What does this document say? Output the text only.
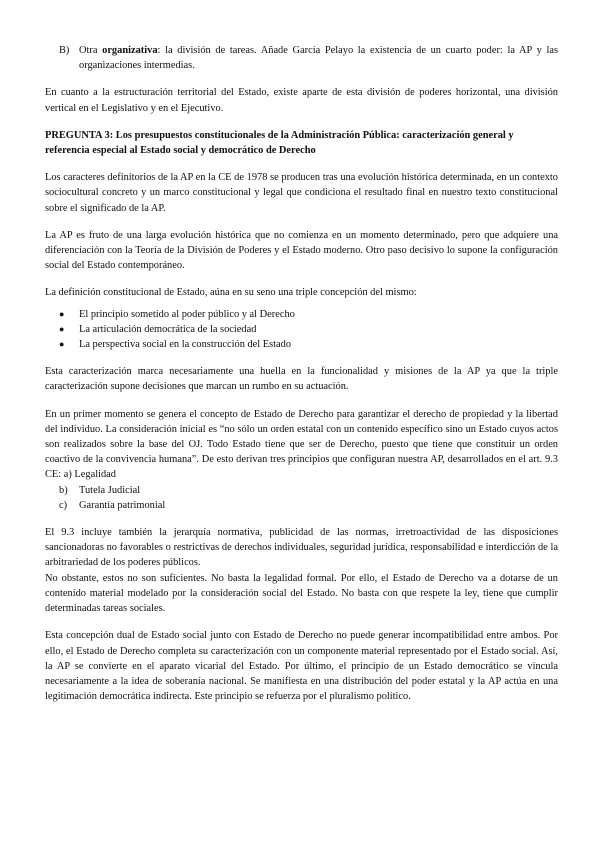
B) Otra organizativa: la división de tareas. Añade García Pelayo la existencia de un cuarto poder: la AP y las organizaciones intermedias.

En cuanto a la estructuración territorial del Estado, existe aparte de esta división de poderes horizontal, una división vertical en el Legislativo y en el Ejecutivo.

PREGUNTA 3: Los presupuestos constitucionales de la Administración Pública: caracterización general y referencia especial al Estado social y democrático de Derecho

Los caracteres definitorios de la AP en la CE de 1978 se producen tras una evolución histórica determinada, en un contexto sociocultural concreto y un marco constitucional y legal que condiciona el resultado final en nuestro texto constitucional sobre el significado de la AP.

La AP es fruto de una larga evolución histórica que no comienza en un momento determinado, pero que adquiere una diferenciación con la Teoría de la División de Poderes y el Estado moderno. Otro paso decisivo lo supone la configuración social del Estado contemporáneo.

La definición constitucional de Estado, aúna en su seno una triple concepción del mismo:

●	El principio sometido al poder público y al Derecho
●	La articulación democrática de la sociedad
●	La perspectiva social en la construcción del Estado

Esta caracterización marca necesariamente una huella en la funcionalidad y misiones de la AP ya que la triple caracterización supone decisiones que marcan un rumbo en su actuación.

En un primer momento se genera el concepto de Estado de Derecho para garantizar el derecho de propiedad y la libertad del individuo. La consideración inicial es “no sólo un orden estatal con un contenido específico sino un Estado cuyos actos son realizados sobre la base del OJ. Todo Estado tiene que ser de Derecho, puesto que tiene que constituir un orden coactivo de la convivencia humana”. De esto derivan tres principios que configuran nuestra AP, desarrollados en el art. 9.3 CE: a) Legalidad

b)	Tutela Judicial
c)	Garantía patrimonial

El 9.3 incluye también la jerarquía normativa, publicidad de las normas, irretroactividad de las disposiciones sancionadoras no favorables o restrictivas de derechos individuales, seguridad jurídica, responsabilidad e interdicción de la arbitrariedad de los poderes públicos.

No obstante, estos no son suficientes. No basta la legalidad formal. Por ello, el Estado de Derecho va a dotarse de un contenido material modelado por la consideración social del Estado. No basta con que respete la ley, tiene que cumplir determinadas tareas sociales.

Esta concepción dual de Estado social junto con Estado de Derecho no puede generar incompatibilidad entre ambos. Por ello, el Estado de Derecho completa su caracterización con un componente material representado por el Estado social. Así, la AP se convierte en el aparato vicarial del Estado. Por último, el principio de un Estado democrático se vincula necesariamente a la idea de soberanía nacional. Se manifiesta en una distribución del poder estatal y la AP actúa en una legitimación democrática indirecta. Este principio se refuerza por el pluralismo político.
